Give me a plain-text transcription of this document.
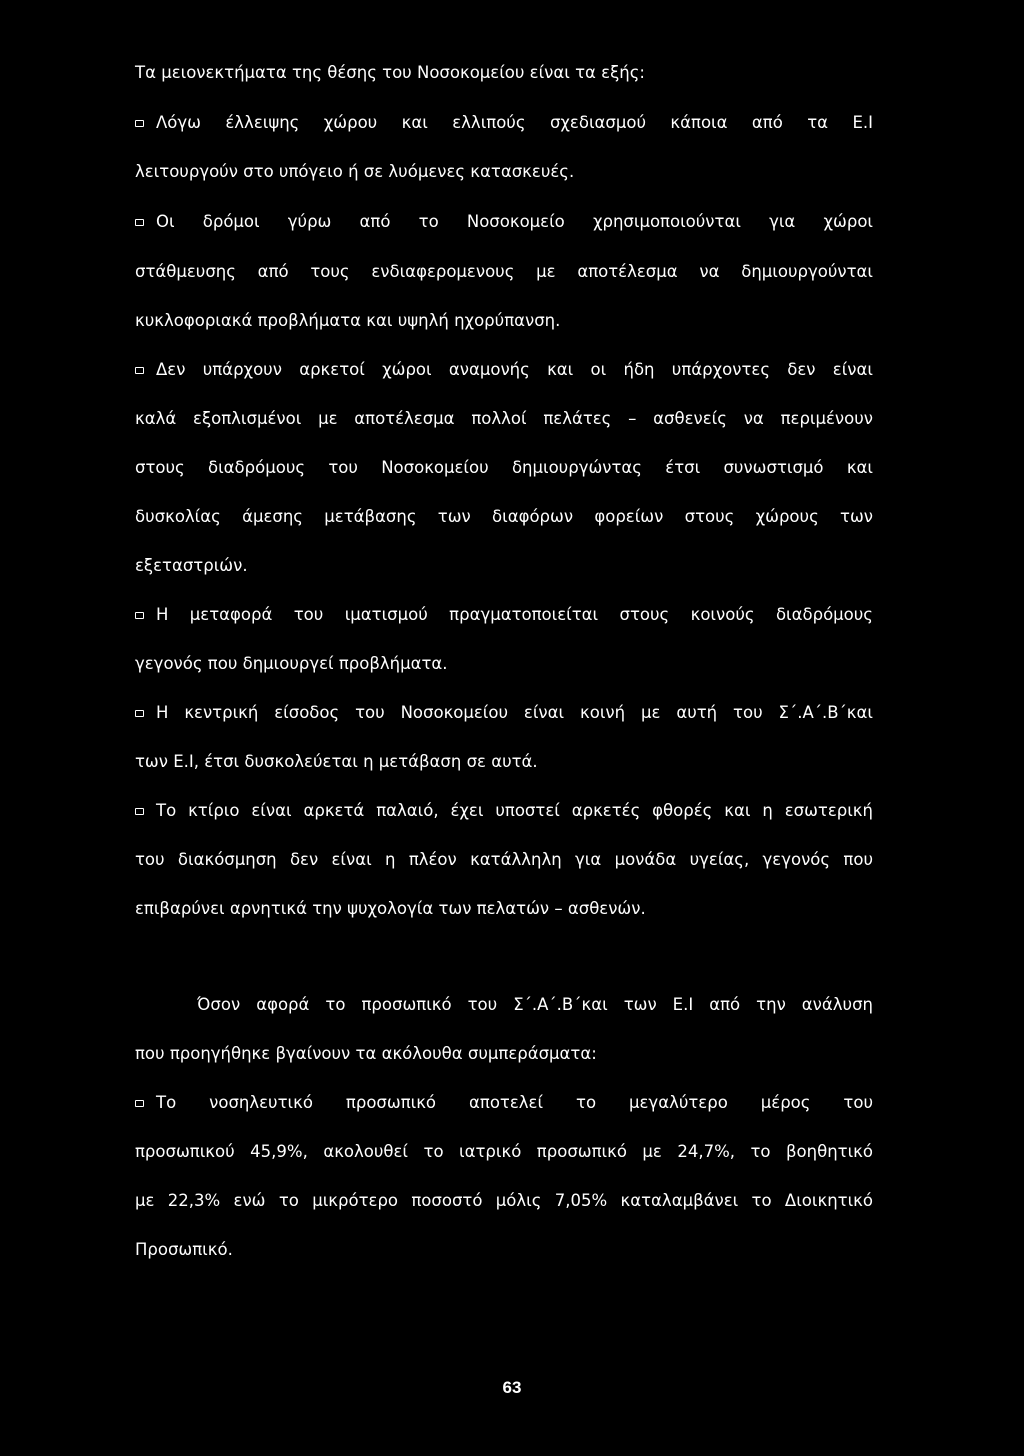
Τα μειονεκτήματα της θέσης του Νοσοκομείου είναι τα εξής:
Λόγω έλλειψης χώρου και ελλιπούς σχεδιασμού κάποια από τα Ε.Ι
λειτουργούν στο υπόγειο ή σε λυόμενες κατασκευές.
Οι δρόμοι γύρω από το Νοσοκομείο χρησιμοποιούνται για χώροι
στάθμευσης από τους ενδιαφερομενους με αποτέλεσμα να δημιουργούνται
κυκλοφοριακά προβλήματα και υψηλή ηχορύπανση.
Δεν υπάρχουν αρκετοί χώροι αναμονής και οι ήδη υπάρχοντες δεν είναι
καλά εξοπλισμένοι με αποτέλεσμα πολλοί πελάτες – ασθενείς να περιμένουν
στους διαδρόμους του Νοσοκομείου δημιουργώντας έτσι συνωστισμό και
δυσκολίας άμεσης μετάβασης των διαφόρων φορείων στους χώρους των
εξεταστριών.
Η μεταφορά του ιματισμού πραγματοποιείται στους κοινούς διαδρόμους
γεγονός που δημιουργεί προβλήματα.
Η κεντρική είσοδος του Νοσοκομείου είναι κοινή με αυτή του Σ΄.Α΄.Β΄και
των Ε.Ι, έτσι δυσκολεύεται η μετάβαση σε αυτά.
Το κτίριο είναι αρκετά παλαιό, έχει υποστεί αρκετές φθορές και η εσωτερική
του διακόσμηση δεν είναι η πλέον κατάλληλη για μονάδα υγείας, γεγονός που
επιβαρύνει αρνητικά την ψυχολογία των πελατών – ασθενών.
Όσον αφορά το προσωπικό του Σ΄.Α΄.Β΄και των Ε.Ι από την ανάλυση
που προηγήθηκε βγαίνουν τα ακόλουθα συμπεράσματα:
Το νοσηλευτικό προσωπικό αποτελεί το μεγαλύτερο μέρος του
προσωπικού 45,9%, ακολουθεί το ιατρικό προσωπικό με 24,7%, το βοηθητικό
με 22,3% ενώ το μικρότερο ποσοστό μόλις 7,05% καταλαμβάνει το Διοικητικό
Προσωπικό.
63
